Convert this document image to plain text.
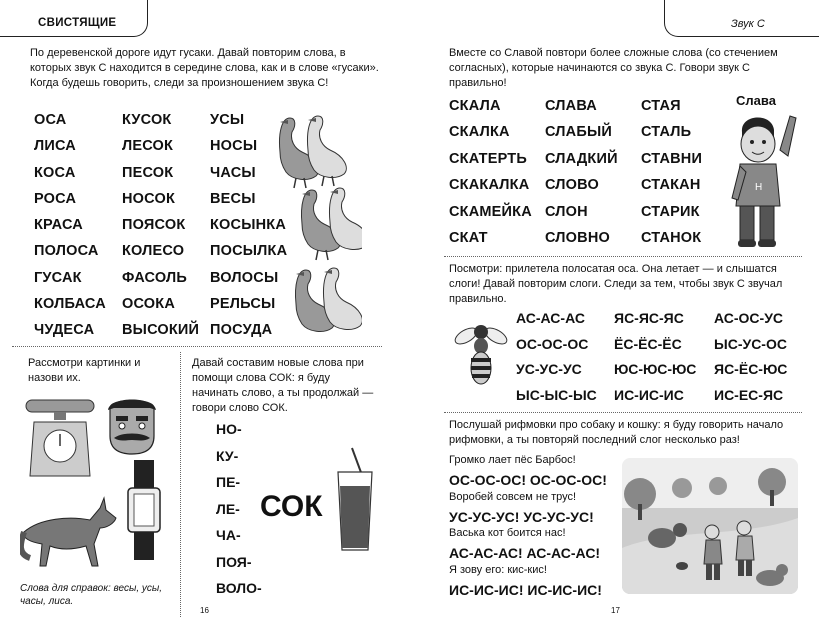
СВИСТЯЩИЕ	Звук С
По деревенской дороге идут гусаки. Давай повторим слова, в которых звук С находится в середине слова, как и в слове «гусаки». Когда будешь говорить, следи за произношением звука С!
ОСА
ЛИСА
КОСА
РОСА
КРАСА
ПОЛОСА
ГУСАК
КОЛБАСА
ЧУДЕСА
КУСОК
ЛЕСОК
ПЕСОК
НОСОК
ПОЯСОК
КОЛЕСО
ФАСОЛЬ
ОСОКА
ВЫСОКИЙ
УСЫ
НОСЫ
ЧАСЫ
ВЕСЫ
КОСЫНКА
ПОСЫЛКА
ВОЛОСЫ
РЕЛЬСЫ
ПОСУДА
Рассмотри картинки и назови их.
Слова для справок: весы, усы, часы, лиса.
16
Давай составим новые слова при помощи слова СОК: я буду начинать слово, а ты продолжай — говори слово СОК.
НО-
КУ-
ПЕ-
ЛЕ-
ЧА-
ПОЯ-
ВОЛО-
СОК
Вместе со Славой повтори более сложные слова (со стечением согласных), которые начинаются со звука С. Говори звук С правильно!
СКАЛА
СКАЛКА
СКАТЕРТЬ
СКАКАЛКА
СКАМЕЙКА
СКАТ
СЛАВА
СЛАБЫЙ
СЛАДКИЙ
СЛОВО
СЛОН
СЛОВНО
СТАЯ
СТАЛЬ
СТАВНИ
СТАКАН
СТАРИК
СТАНОК
Слава
H
Посмотри: прилетела полосатая оса. Она летает — и слышатся слоги! Давай повторим слоги. Следи за тем, чтобы звук С звучал правильно.
АС-АС-АС
ОС-ОС-ОС
УС-УС-УС
ЫС-ЫС-ЫС
ЯС-ЯС-ЯС
ЁС-ЁС-ЁС
ЮС-ЮС-ЮС
ИС-ИС-ИС
АС-ОС-УС
ЫС-УС-ОС
ЯС-ЁС-ЮС
ИС-ЕС-ЯС
Послушай рифмовки про собаку и кошку: я буду говорить начало рифмовки, а ты повторяй последний слог несколько раз!
Громко лает пёс Барбос!
ОС-ОС-ОС! ОС-ОС-ОС!
Воробей совсем не трус!
УС-УС-УС! УС-УС-УС!
Васька кот боится нас!
АС-АС-АС! АС-АС-АС!
Я зову его: кис-кис!
ИС-ИС-ИС! ИС-ИС-ИС!
17
